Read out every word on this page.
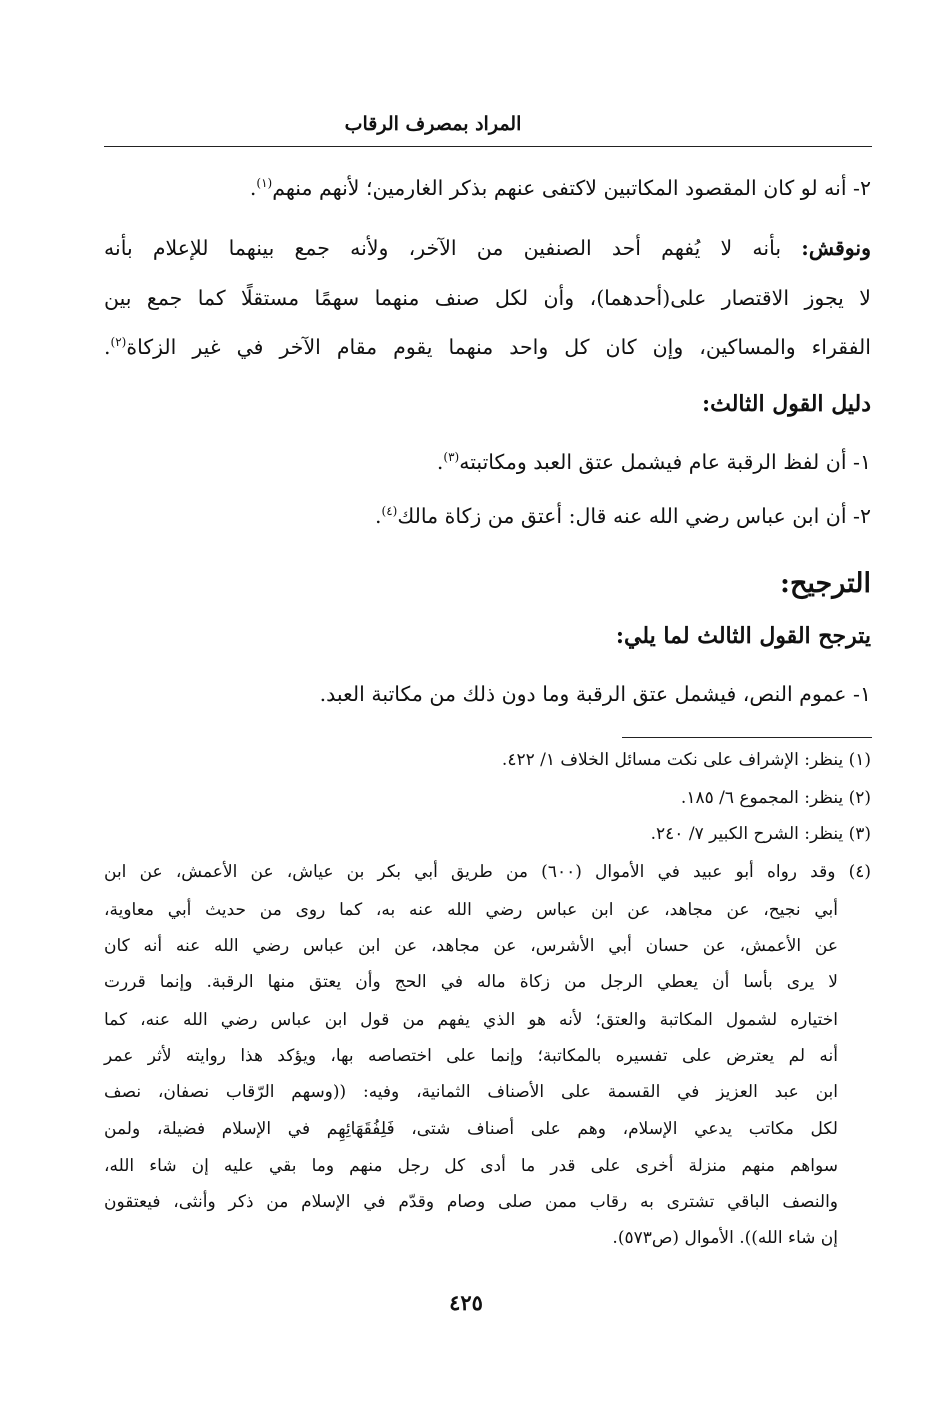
المراد بمصرف الرقاب
٢- أنه لو كان المقصود المكاتبين لاكتفى عنهم بذكر الغارمين؛ لأنهم منهم$^{(١)}$.
ونوقش: بأنه لا يُفهم أحد الصنفين من الآخر، ولأنه جمع بينهما للإعلام بأنه
لا يجوز الاقتصار على(أحدهما)، وأن لكل صنف منهما سهمًا مستقلًا كما جمع بين
الفقراء والمساكين، وإن كان كل واحد منهما يقوم مقام الآخر في غير الزكاة$^{(٢)}$.
دليل القول الثالث:
١- أن لفظ الرقبة عام فيشمل عتق العبد ومكاتبته$^{(٣)}$.
٢- أن ابن عباس رضي الله عنه قال: أعتق من زكاة مالك$^{(٤)}$.
الترجيح:
يترجح القول الثالث لما يلي:
١- عموم النص، فيشمل عتق الرقبة وما دون ذلك من مكاتبة العبد.
(١) ينظر: الإشراف على نكت مسائل الخلاف ١/ ٤٢٢.
(٢) ينظر: المجموع ٦/ ١٨٥.
(٣) ينظر: الشرح الكبير ٧/ ٢٤٠.
(٤) وقد رواه أبو عبيد في الأموال (٦٠٠) من طريق أبي بكر بن عياش، عن الأعمش، عن ابن
أبي نجيح، عن مجاهد، عن ابن عباس رضي الله عنه به، كما روى من حديث أبي معاوية،
عن الأعمش، عن حسان أبي الأشرس، عن مجاهد، عن ابن عباس رضي الله عنه أنه كان
لا يرى بأسا أن يعطي الرجل من زكاة ماله في الحج وأن يعتق منها الرقبة. وإنما قررت
اختياره لشمول المكاتبة والعتق؛ لأنه هو الذي يفهم من قول ابن عباس رضي الله عنه، كما
أنه لم يعترض على تفسيره بالمكاتبة؛ وإنما على اختصاصه بها، ويؤكد هذا روايته لأثر عمر
ابن عبد العزيز في القسمة على الأصناف الثمانية، وفيه: ((وسهم الرّقاب نصفان، نصف
لكل مكاتب يدعي الإسلام، وهم على أصناف شتى، فَلِفُقَهَائِهِم في الإسلام فضيلة، ولمن
سواهم منهم منزلة أخرى على قدر ما أدى كل رجل منهم وما بقي عليه إن شاء الله،
والنصف الباقي تشترى به رقاب ممن صلى وصام وقدّم في الإسلام من ذكر وأنثى، فيعتقون
إن شاء الله)). الأموال (ص٥٧٣).
٤٢٥
